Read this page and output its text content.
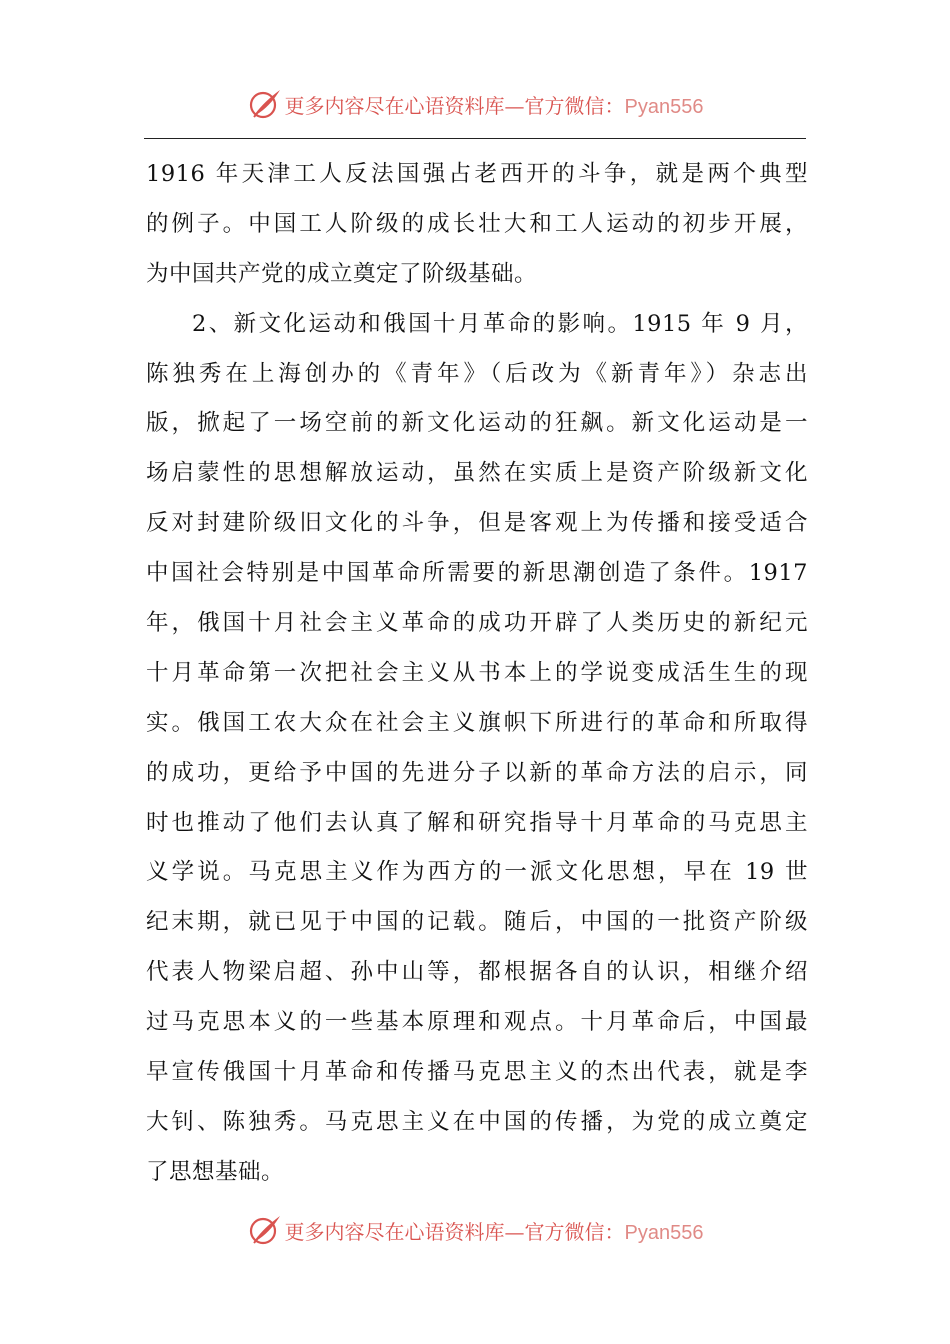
更多内容尽在心语资料库—官方微信：Pyan556
1916 年天津工人反法国强占老西开的斗争，就是两个典型
的例子。中国工人阶级的成长壮大和工人运动的初步开展，
为中国共产党的成立奠定了阶级基础。
2、新文化运动和俄国十月革命的影响。1915 年 9 月，
陈独秀在上海创办的《青年》（后改为《新青年》）杂志出
版，掀起了一场空前的新文化运动的狂飙。新文化运动是一
场启蒙性的思想解放运动，虽然在实质上是资产阶级新文化
反对封建阶级旧文化的斗争，但是客观上为传播和接受适合
中国社会特别是中国革命所需要的新思潮创造了条件。1917
年，俄国十月社会主义革命的成功开辟了人类历史的新纪元
十月革命第一次把社会主义从书本上的学说变成活生生的现
实。俄国工农大众在社会主义旗帜下所进行的革命和所取得
的成功，更给予中国的先进分子以新的革命方法的启示，同
时也推动了他们去认真了解和研究指导十月革命的马克思主
义学说。马克思主义作为西方的一派文化思想，早在 19 世
纪末期，就已见于中国的记载。随后，中国的一批资产阶级
代表人物梁启超、孙中山等，都根据各自的认识，相继介绍
过马克思本义的一些基本原理和观点。十月革命后，中国最
早宣传俄国十月革命和传播马克思主义的杰出代表，就是李
大钊、陈独秀。马克思主义在中国的传播，为党的成立奠定
了思想基础。
更多内容尽在心语资料库—官方微信：Pyan556
